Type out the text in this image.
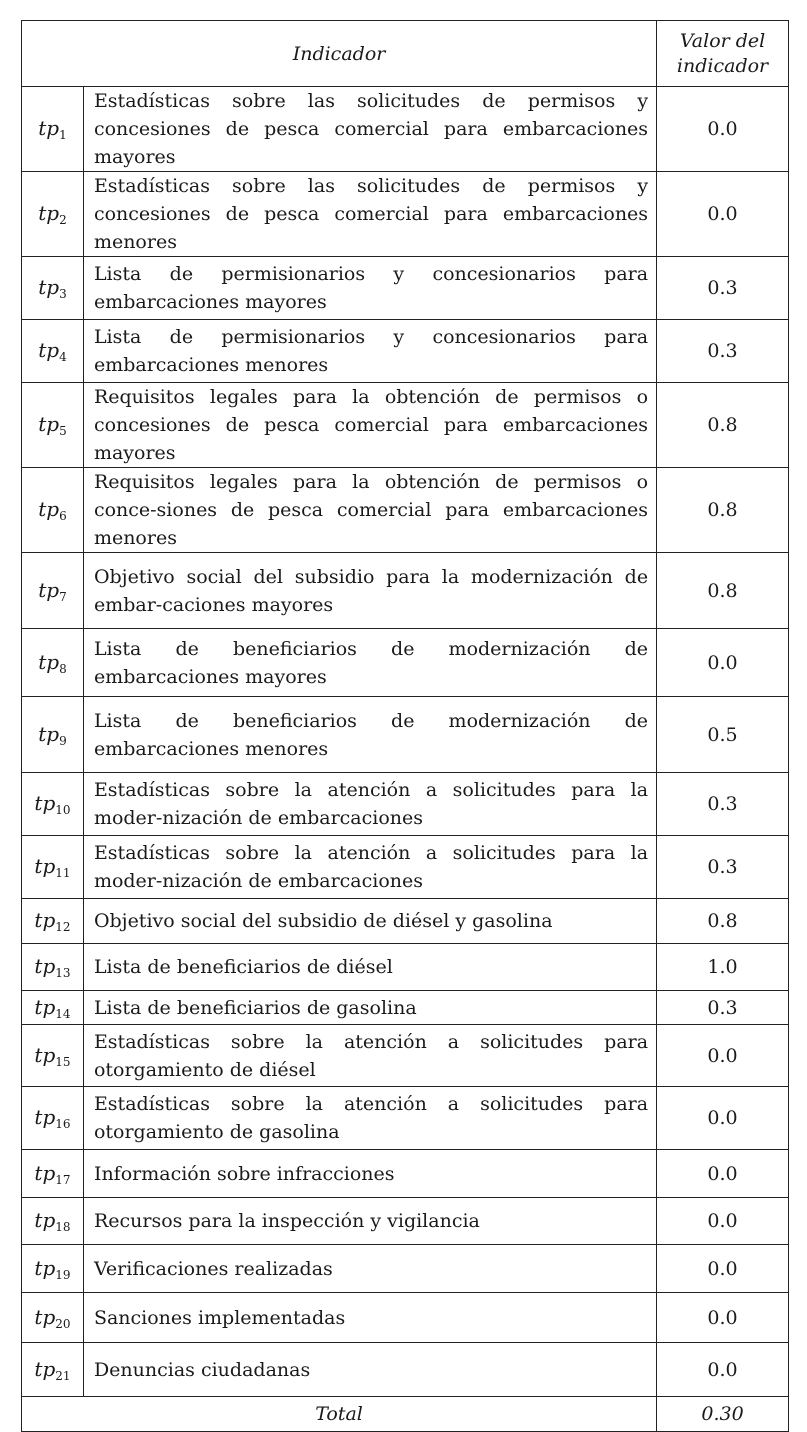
Indicador		Valor del
indicador
$tp_1$	Estadísticas sobre las solicitudes de permisos y concesiones de pesca comercial para embarcaciones mayores	0.0
$tp_2$	Estadísticas sobre las solicitudes de permisos y concesiones de pesca comercial para embarcaciones menores	0.0
$tp_3$	Lista de permisionarios y concesionarios para embarcaciones mayores	0.3
$tp_4$	Lista de permisionarios y concesionarios para embarcaciones menores	0.3
$tp_5$	Requisitos legales para la obtención de permisos o concesiones de pesca comercial para embarcaciones mayores	0.8
$tp_6$	Requisitos legales para la obtención de permisos o conce-siones de pesca comercial para embarcaciones menores	0.8
$tp_7$	Objetivo social del subsidio para la modernización de embar-caciones mayores	0.8
$tp_8$	Lista de beneficiarios de modernización de embarcaciones mayores	0.0
$tp_9$	Lista de beneficiarios de modernización de embarcaciones menores	0.5
$tp_{10}$	Estadísticas sobre la atención a solicitudes para la moder-nización de embarcaciones	0.3
$tp_{11}$	Estadísticas sobre la atención a solicitudes para la moder-nización de embarcaciones	0.3
$tp_{12}$	Objetivo social del subsidio de diésel y gasolina	0.8
$tp_{13}$	Lista de beneficiarios de diésel	1.0
$tp_{14}$	Lista de beneficiarios de gasolina	0.3
$tp_{15}$	Estadísticas sobre la atención a solicitudes para otorgamiento de diésel	0.0
$tp_{16}$	Estadísticas sobre la atención a solicitudes para otorgamiento de gasolina	0.0
$tp_{17}$	Información sobre infracciones	0.0
$tp_{18}$	Recursos para la inspección y vigilancia	0.0
$tp_{19}$	Verificaciones realizadas	0.0
$tp_{20}$	Sanciones implementadas	0.0
$tp_{21}$	Denuncias ciudadanas	0.0
Total		0.30
